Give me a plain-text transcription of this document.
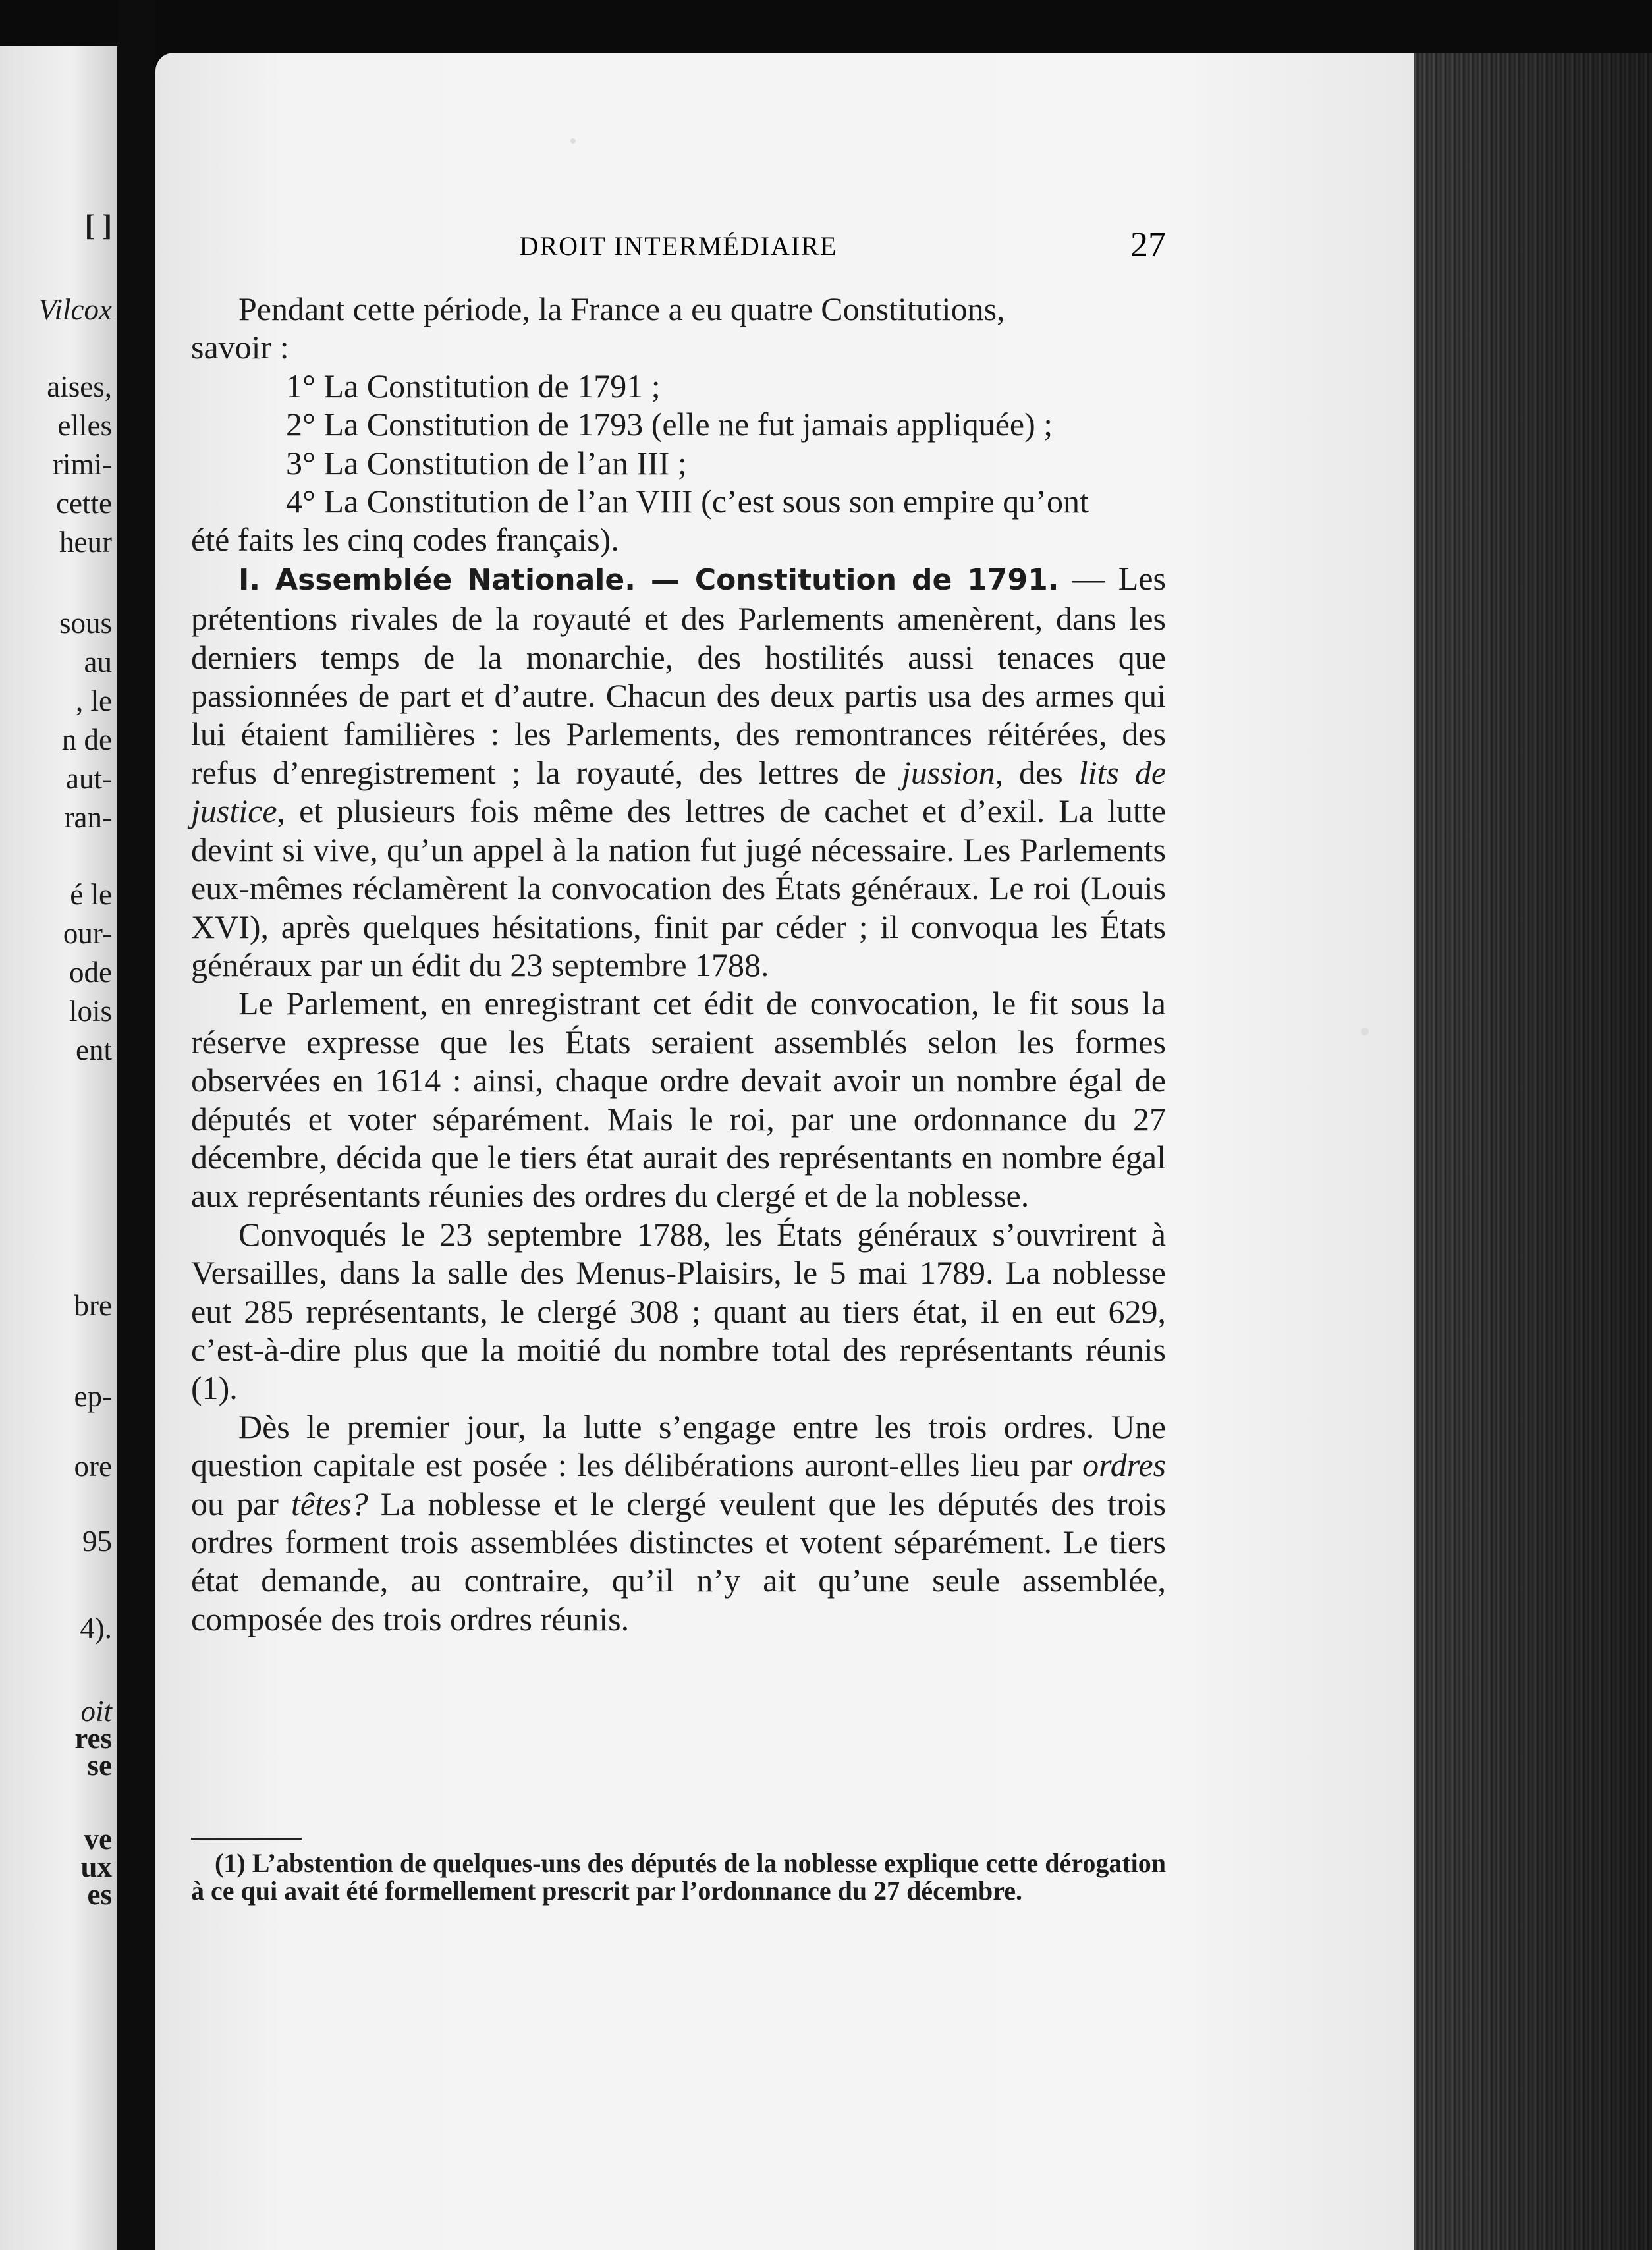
[ ]
Vilcox
aises,
elles
rimi-
cette
heur
sous
au
, le
n de
aut-
ran-
é le
our-
ode
lois
ent
bre
ep-
ore
95
4).
oit
res
se
ve
ux
es
DROIT INTERMÉDIAIRE	27

Pendant cette période, la France a eu quatre Constitutions,

savoir :

1° La Constitution de 1791 ;

2° La Constitution de 1793 (elle ne fut jamais appliquée) ;

3° La Constitution de l’an III ;

4° La Constitution de l’an VIII (c’est sous son empire qu’ont

été faits les cinq codes français).

I. Assemblée Nationale. — Constitution de 1791. — Les prétentions rivales de la royauté et des Parlements amenèrent, dans les derniers temps de la monarchie, des hostilités aussi tenaces que passionnées de part et d’autre. Chacun des deux partis usa des armes qui lui étaient familières : les Parlements, des remontrances réitérées, des refus d’enregistrement ; la royauté, des lettres de jussion, des lits de justice, et plusieurs fois même des lettres de cachet et d’exil. La lutte devint si vive, qu’un appel à la nation fut jugé nécessaire. Les Parlements eux-mêmes réclamèrent la convocation des États généraux. Le roi (Louis XVI), après quelques hésitations, finit par céder ; il convoqua les États généraux par un édit du 23 septembre 1788.

Le Parlement, en enregistrant cet édit de convocation, le fit sous la réserve expresse que les États seraient assemblés selon les formes observées en 1614 : ainsi, chaque ordre devait avoir un nombre égal de députés et voter séparément. Mais le roi, par une ordonnance du 27 décembre, décida que le tiers état aurait des représentants en nombre égal aux représentants réunies des ordres du clergé et de la noblesse.

Convoqués le 23 septembre 1788, les États généraux s’ouvrirent à Versailles, dans la salle des Menus-Plaisirs, le 5 mai 1789. La noblesse eut 285 représentants, le clergé 308 ; quant au tiers état, il en eut 629, c’est-à-dire plus que la moitié du nombre total des représentants réunis (1).

Dès le premier jour, la lutte s’engage entre les trois ordres. Une question capitale est posée : les délibérations auront-elles lieu par ordres ou par têtes? La noblesse et le clergé veulent que les députés des trois ordres forment trois assemblées distinctes et votent séparément. Le tiers état demande, au contraire, qu’il n’y ait qu’une seule assemblée, composée des trois ordres réunis.

(1) L’abstention de quelques-uns des députés de la noblesse explique cette dérogation à ce qui avait été formellement prescrit par l’ordonnance du 27 décembre.
